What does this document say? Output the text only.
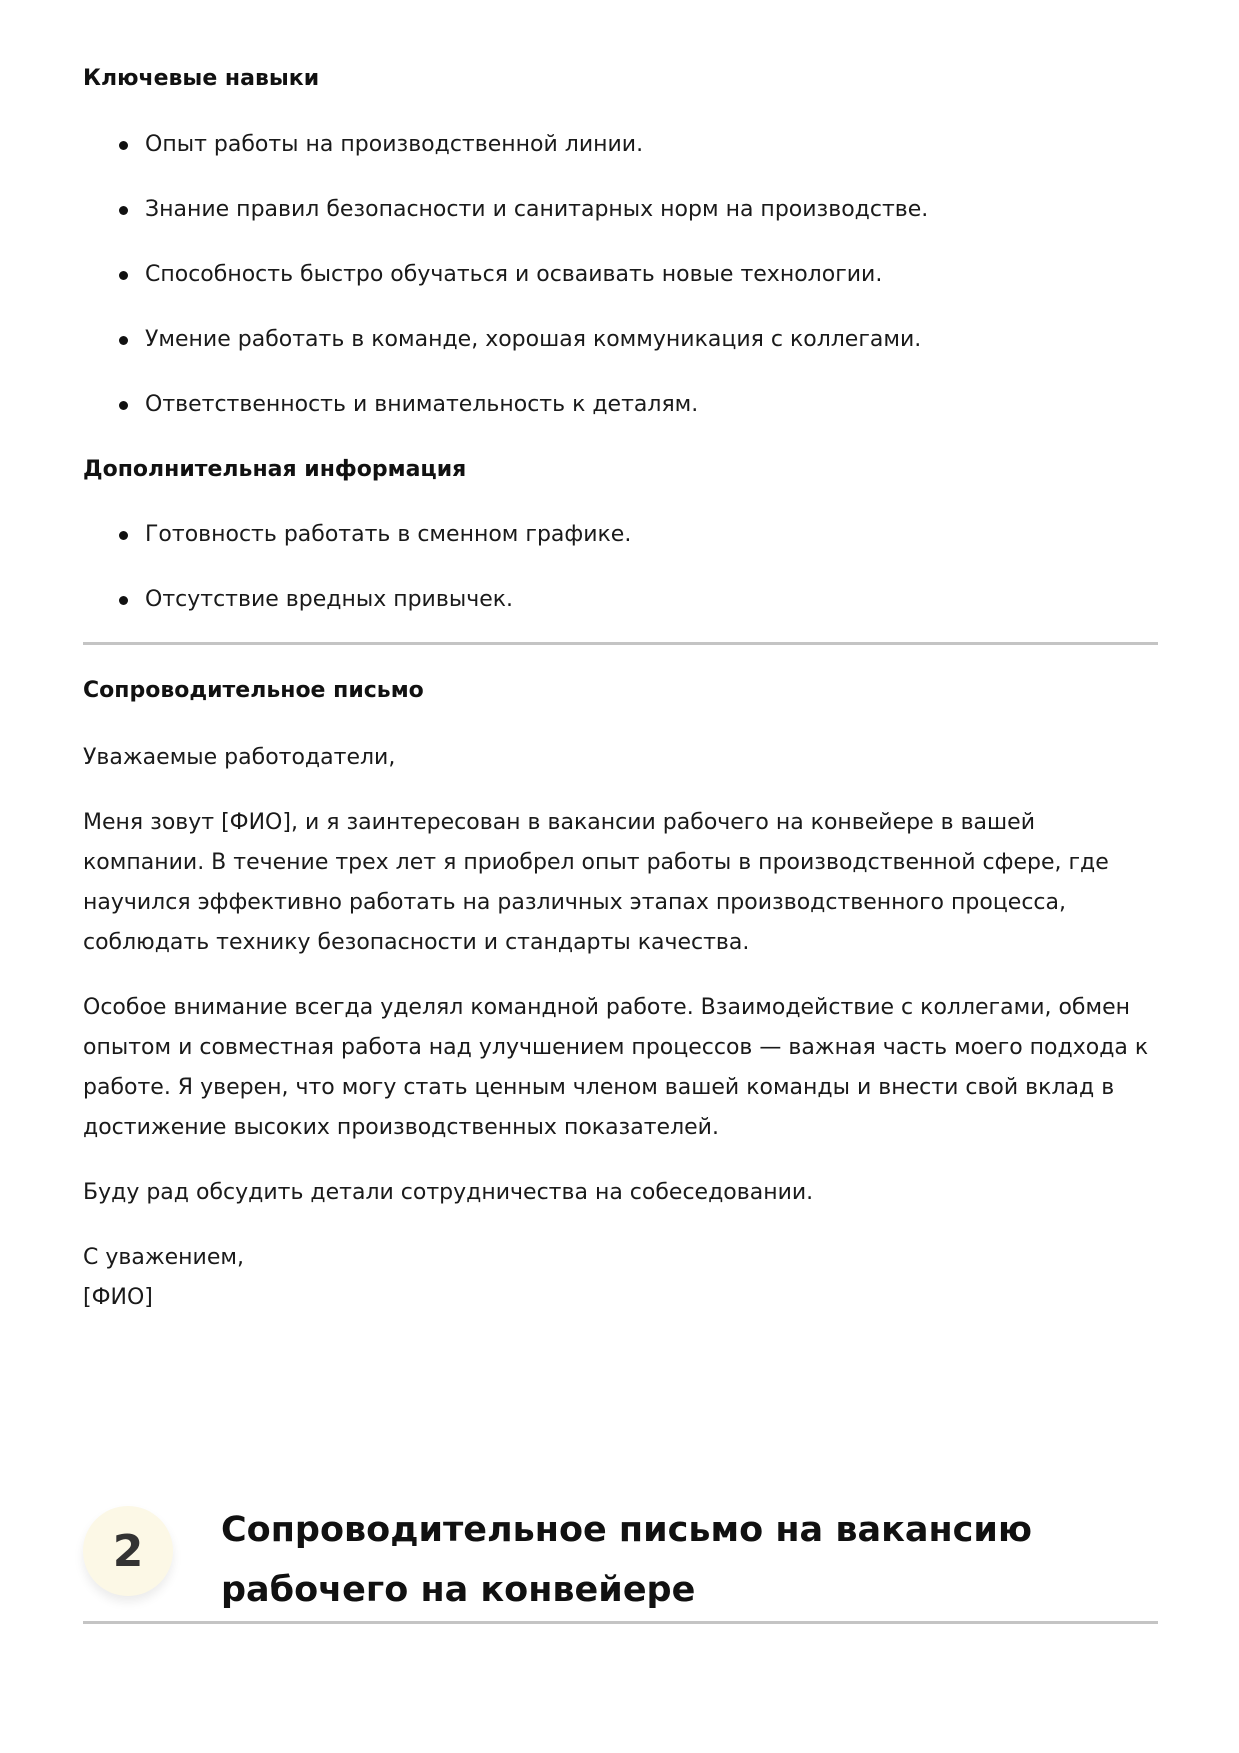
Ключевые навыки
Опыт работы на производственной линии.
Знание правил безопасности и санитарных норм на производстве.
Способность быстро обучаться и осваивать новые технологии.
Умение работать в команде, хорошая коммуникация с коллегами.
Ответственность и внимательность к деталям.
Дополнительная информация
Готовность работать в сменном графике.
Отсутствие вредных привычек.
Сопроводительное письмо

Уважаемые работодатели,

Меня зовут [ФИО], и я заинтересован в вакансии рабочего на конвейере в вашей компании. В течение трех лет я приобрел опыт работы в производственной сфере, где научился эффективно работать на различных этапах производственного процесса, соблюдать технику безопасности и стандарты качества.

Особое внимание всегда уделял командной работе. Взаимодействие с коллегами, обмен опытом и совместная работа над улучшением процессов — важная часть моего подхода к работе. Я уверен, что могу стать ценным членом вашей команды и внести свой вклад в достижение высоких производственных показателей.

Буду рад обсудить детали сотрудничества на собеседовании.

С уважением,

[ФИО]

2	Сопроводительное письмо на вакансию рабочего на конвейере
